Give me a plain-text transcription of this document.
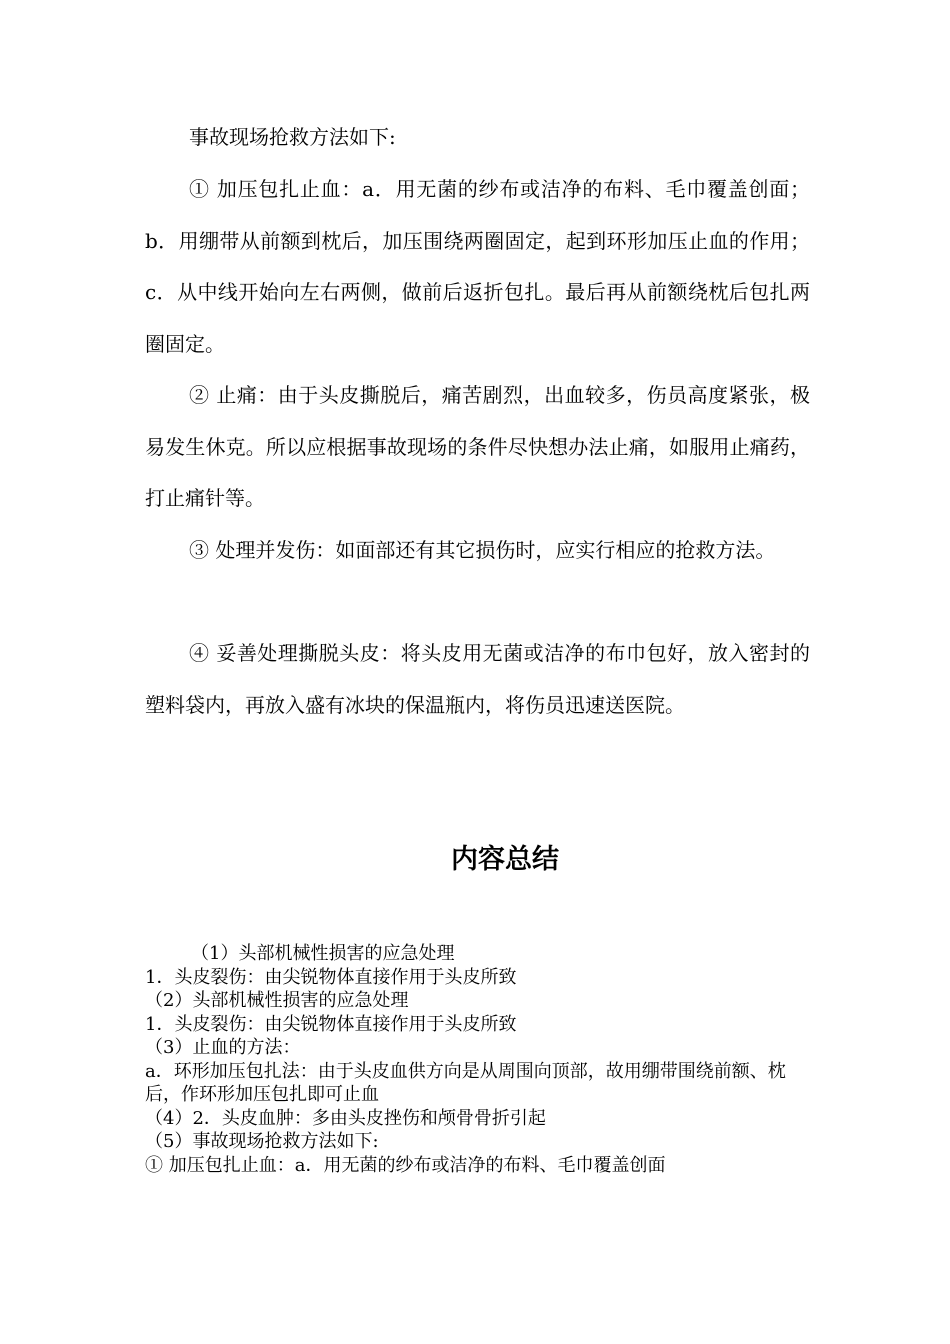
事故现场抢救方法如下:

① 加压包扎止血：a．用无菌的纱布或洁净的布料、毛巾覆盖创面；b．用绷带从前额到枕后，加压围绕两圈固定，起到环形加压止血的作用；c．从中线开始向左右两侧，做前后返折包扎。最后再从前额绕枕后包扎两圈固定。

② 止痛：由于头皮撕脱后，痛苦剧烈，出血较多，伤员高度紧张，极易发生休克。所以应根据事故现场的条件尽快想办法止痛，如服用止痛药，打止痛针等。

③ 处理并发伤：如面部还有其它损伤时，应实行相应的抢救方法。

④ 妥善处理撕脱头皮：将头皮用无菌或洁净的布巾包好，放入密封的塑料袋内，再放入盛有冰块的保温瓶内，将伤员迅速送医院。

内容总结

（1）头部机械性损害的应急处理

1．头皮裂伤：由尖锐物体直接作用于头皮所致

（2）头部机械性损害的应急处理

1．头皮裂伤：由尖锐物体直接作用于头皮所致

（3）止血的方法：

a．环形加压包扎法：由于头皮血供方向是从周围向顶部，故用绷带围绕前额、枕后，作环形加压包扎即可止血

（4）2．头皮血肿：多由头皮挫伤和颅骨骨折引起

（5）事故现场抢救方法如下:

① 加压包扎止血：a．用无菌的纱布或洁净的布料、毛巾覆盖创面
